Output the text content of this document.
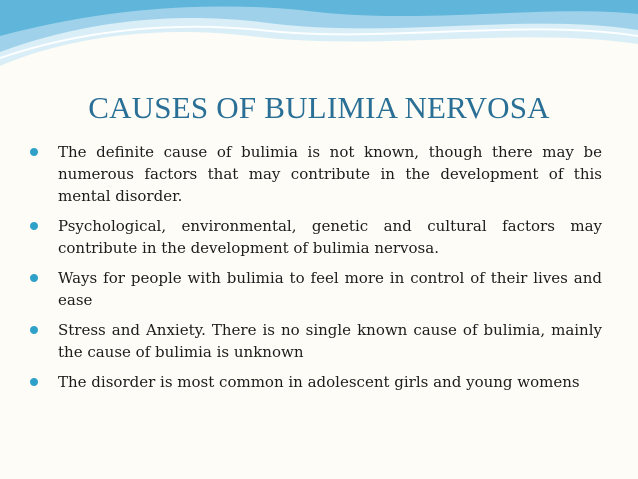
CAUSES OF BULIMIA NERVOSA
The definite cause of bulimia is not known, though there may be numerous factors that may contribute in the development of this mental disorder.
Psychological, environmental, genetic and cultural factors may contribute in the development of bulimia nervosa.
Ways for people with bulimia to feel more in control of their lives and ease
Stress and Anxiety. There is no single known cause of bulimia, mainly the cause of bulimia is unknown
The disorder is most common in adolescent girls and young womens
